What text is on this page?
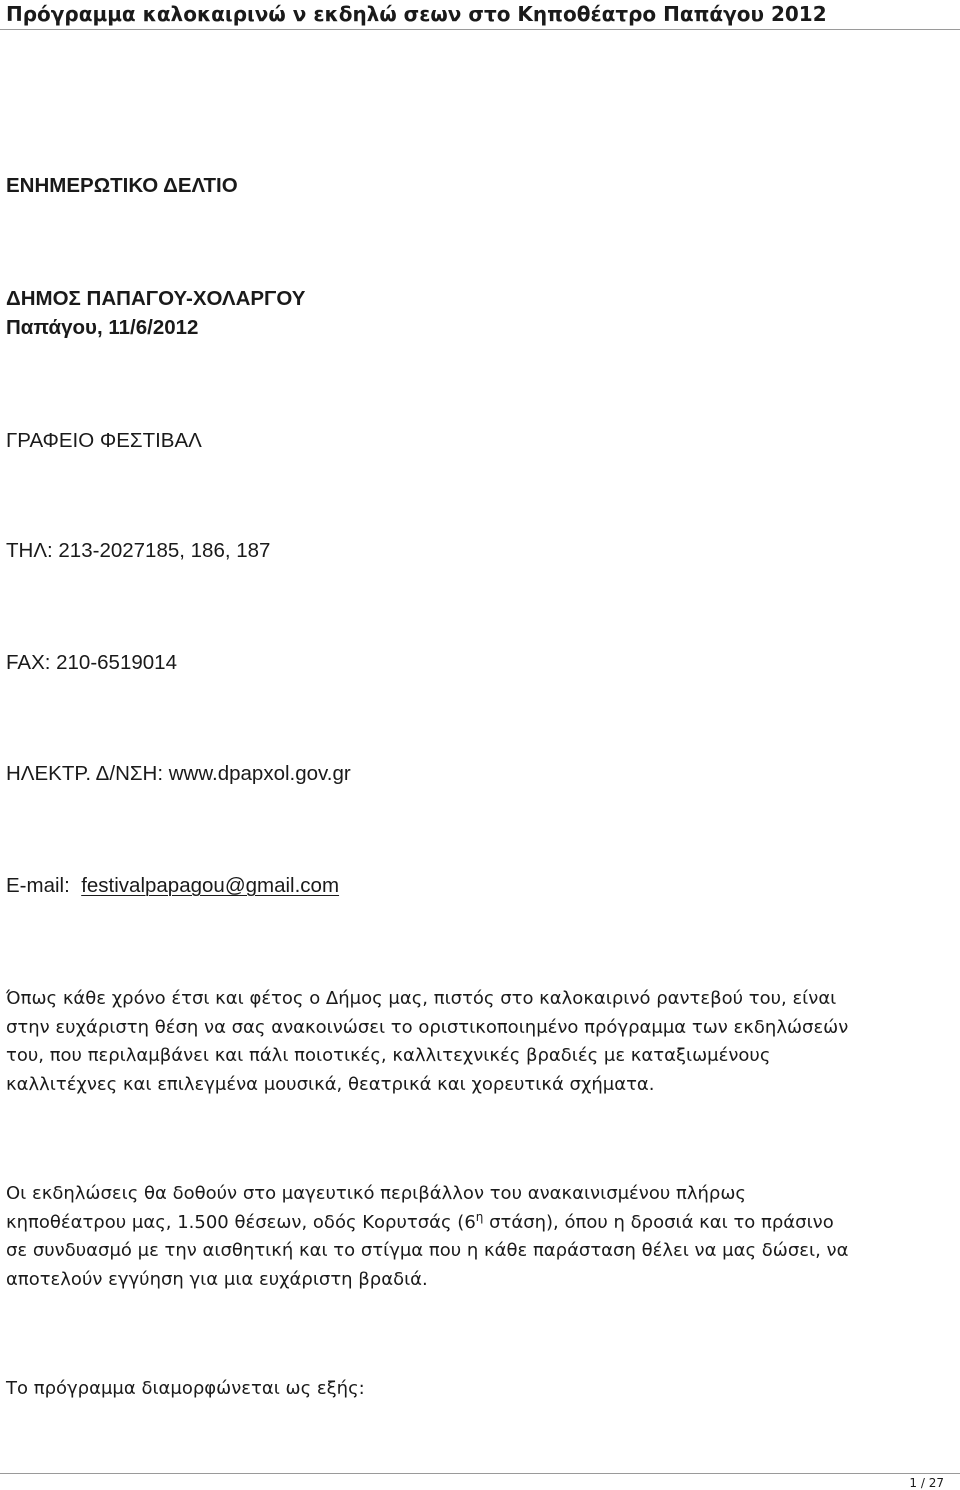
Πρόγραμμα καλοκαιρινώ ν εκδηλώ σεων στο Κηποθέατρο Παπάγου 2012
ΕΝΗΜΕΡΩΤΙΚΟ ΔΕΛΤΙΟ
ΔΗΜΟΣ ΠΑΠΑΓΟΥ-ΧΟΛΑΡΓΟΥ
Παπάγου, 11/6/2012
ΓΡΑΦΕΙΟ ΦΕΣΤΙΒΑΛ
ΤΗΛ: 213-2027185, 186, 187
FAX: 210-6519014
ΗΛΕΚΤΡ. Δ/ΝΣΗ: www.dpapxol.gov.gr
E-mail: festivalpapagou@gmail.com

Όπως κάθε χρόνο έτσι και φέτος ο Δήμος μας, πιστός στο καλοκαιρινό ραντεβού του, είναι

στην ευχάριστη θέση να σας ανακοινώσει το οριστικοποιημένο πρόγραμμα των εκδηλώσεών

του, που περιλαμβάνει και πάλι ποιοτικές, καλλιτεχνικές βραδιές με καταξιωμένους

καλλιτέχνες και επιλεγμένα μουσικά, θεατρικά και χορευτικά σχήματα.

Οι εκδηλώσεις θα δοθούν στο μαγευτικό περιβάλλον του ανακαινισμένου πλήρως

κηποθέατρου μας, 1.500 θέσεων, οδός Κορυτσάς ($6^\eta$ στάση), όπου η δροσιά και το πράσινο

σε συνδυασμό με την αισθητική και το στίγμα που η κάθε παράσταση θέλει να μας δώσει, να

αποτελούν εγγύηση για μια ευχάριστη βραδιά.

Το πρόγραμμα διαμορφώνεται ως εξής:

1 / 27
